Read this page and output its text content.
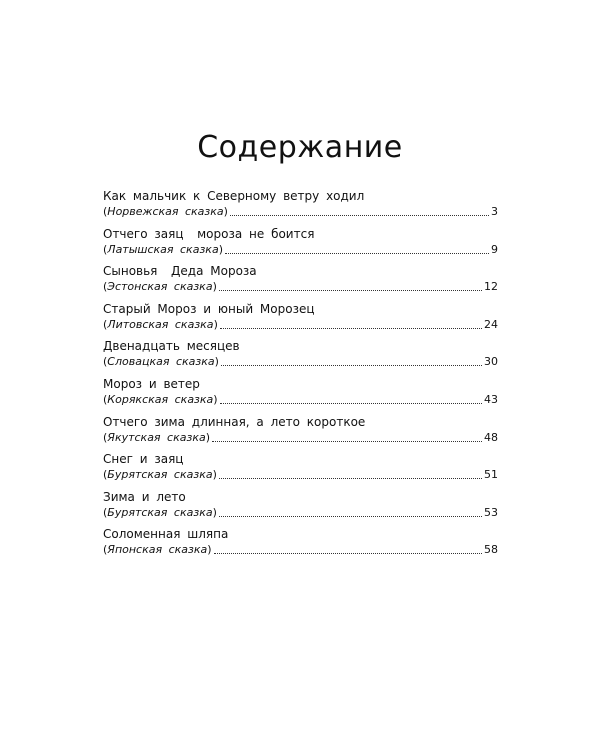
Содержание
Как мальчик к Северному ветру ходил
(Норвежская сказка)	3
Отчего заяц  мороза не боится
(Латышская сказка)	9
Сыновья  Деда Мороза
(Эстонская сказка)	12
Старый Мороз и юный Морозец
(Литовская сказка)	24
Двенадцать месяцев
(Словацкая сказка)	30
Мороз и ветер
(Корякская сказка)	43
Отчего зима длинная, а лето короткое
(Якутская сказка)	48
Снег и заяц
(Бурятская сказка)	51
Зима и лето
(Бурятская сказка)	53
Соломенная шляпа
(Японская сказка)	58
